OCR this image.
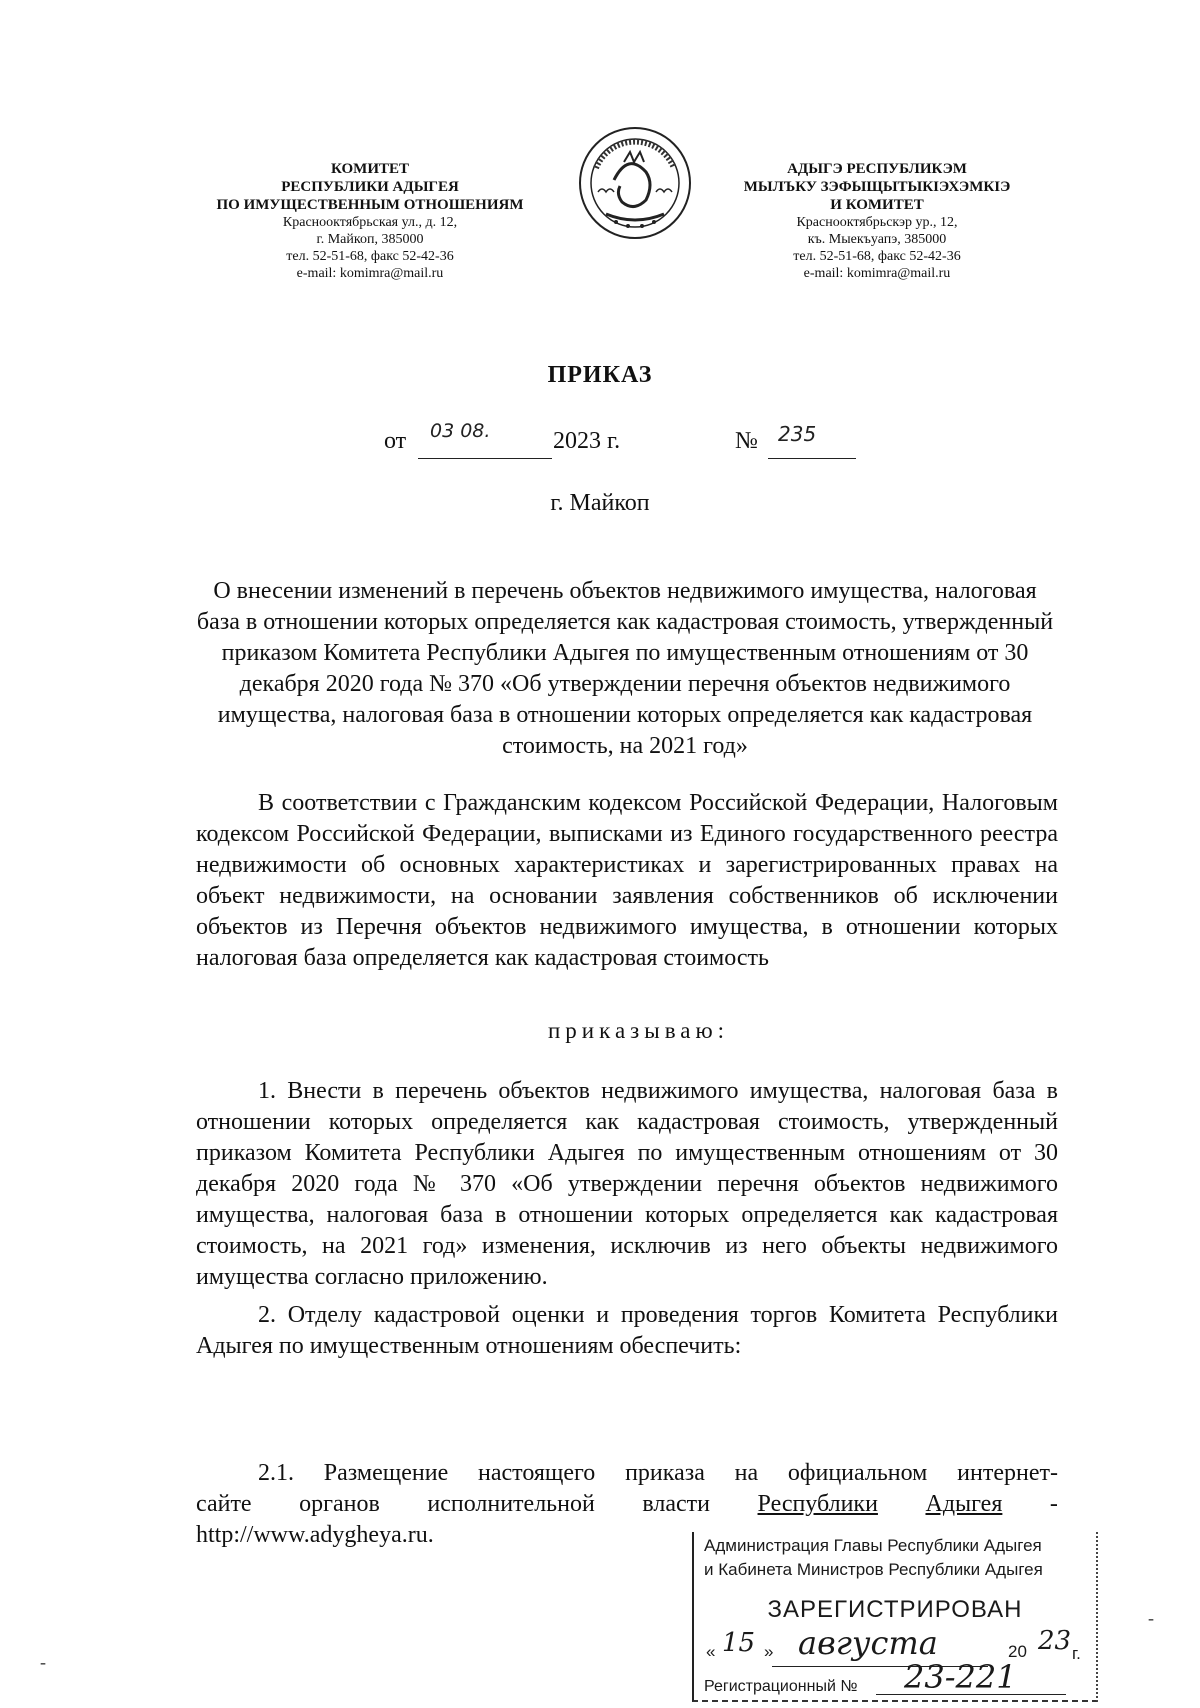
КОМИТЕТ
РЕСПУБЛИКИ АДЫГЕЯ
ПО ИМУЩЕСТВЕННЫМ ОТНОШЕНИЯМ
Краснооктябрьская ул., д. 12,
г. Майкоп, 385000
тел. 52-51-68, факс 52-42-36
e-mail: komimra@mail.ru
АДЫГЭ РЕСПУБЛИКЭМ
МЫЛЪКУ ЗЭФЫЩЫТЫКIЭХЭМКIЭ
И КОМИТЕТ
Краснооктябрьскэр ур., 12,
къ. Мыекъуапэ, 385000
тел. 52-51-68, факс 52-42-36
e-mail: komimra@mail.ru
ПРИКАЗ
от 03 08.	2023 г.	№ 235
г. Майкоп
О внесении изменений в перечень объектов недвижимого имущества, налоговая база в отношении которых определяется как кадастровая стоимость, утвержденный приказом Комитета Республики Адыгея по имущественным отношениям от 30 декабря 2020 года № 370 «Об утверждении перечня объектов недвижимого имущества, налоговая база в отношении которых определяется как кадастровая стоимость, на 2021 год»
В соответствии с Гражданским кодексом Российской Федерации, Налоговым кодексом Российской Федерации, выписками из Единого государственного реестра недвижимости об основных характеристиках и зарегистрированных правах на объект недвижимости, на основании заявления собственников об исключении объектов из Перечня объектов недвижимого имущества, в отношении которых налоговая база определяется как кадастровая стоимость
приказываю:
1. Внести в перечень объектов недвижимого имущества, налоговая база в отношении которых определяется как кадастровая стоимость, утвержденный приказом Комитета Республики Адыгея по имущественным отношениям от 30 декабря 2020 года № 370 «Об утверждении перечня объектов недвижимого имущества, налоговая база в отношении которых определяется как кадастровая стоимость, на 2021 год» изменения, исключив из него объекты недвижимого имущества согласно приложению.
2. Отделу кадастровой оценки и проведения торгов Комитета Республики Адыгея по имущественным отношениям обеспечить:
2.1. Размещение настоящего приказа на официальном интернет-
сайте органов исполнительной власти Республики Адыгея -
http://www.adygheya.ru.	Администрация Главы Республики Адыгея
и Кабинета Министров Республики Адыгея
ЗАРЕГИСТРИРОВАН
« 15 » августа	20 23 г.
Регистрационный № 23-221
-
-
